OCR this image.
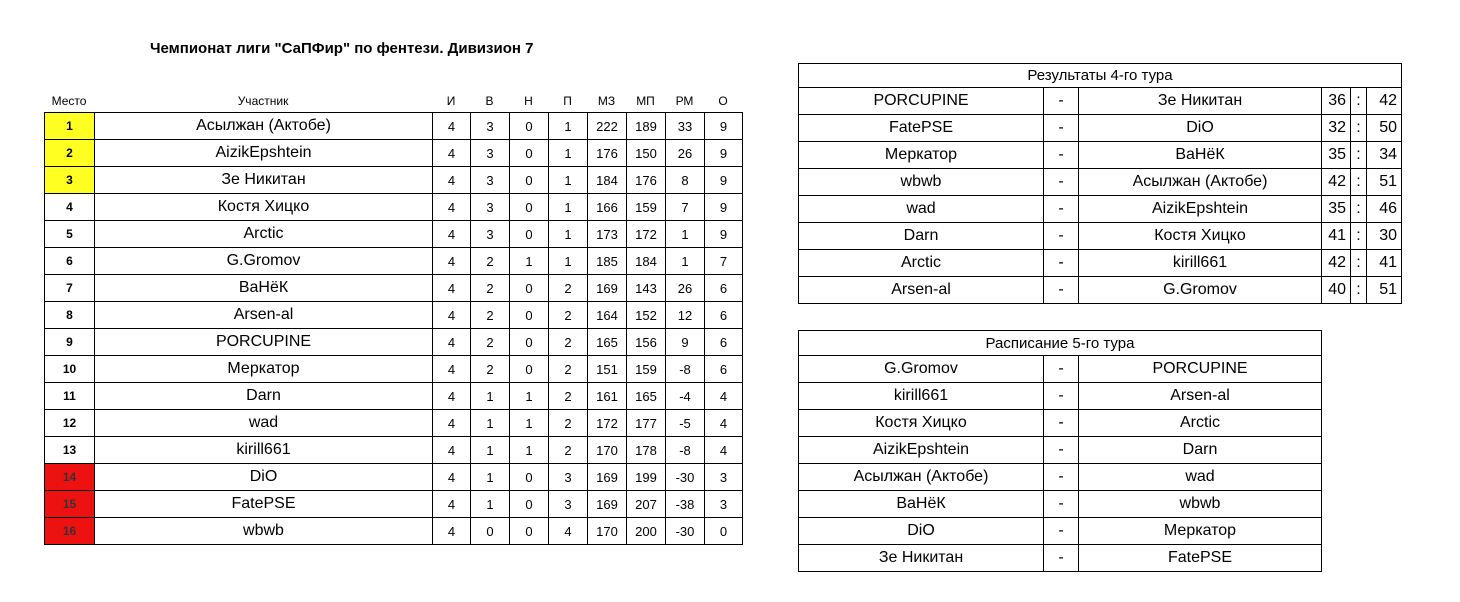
Чемпионат лиги "СаПФир" по фентези. Дивизион 7
Место	Участник	И	В	Н	П	МЗ	МП	РМ	О
1	Асылжан (Актобе)	4	3	0	1	222	189	33	9
2	AizikEpshtein	4	3	0	1	176	150	26	9
3	Зе Никитан	4	3	0	1	184	176	8	9
4	Костя Хицко	4	3	0	1	166	159	7	9
5	Arctic	4	3	0	1	173	172	1	9
6	G.Gromov	4	2	1	1	185	184	1	7
7	ВаНёК	4	2	0	2	169	143	26	6
8	Arsen-al	4	2	0	2	164	152	12	6
9	PORCUPINE	4	2	0	2	165	156	9	6
10	Меркатор	4	2	0	2	151	159	-8	6
11	Darn	4	1	1	2	161	165	-4	4
12	wad	4	1	1	2	172	177	-5	4
13	kirill661	4	1	1	2	170	178	-8	4
14	DiO	4	1	0	3	169	199	-30	3
15	FatePSE	4	1	0	3	169	207	-38	3
16	wbwb	4	0	0	4	170	200	-30	0
Результаты 4-го тура					
PORCUPINE	-	Зе Никитан	36	:	42
FatePSE	-	DiO	32	:	50
Меркатор	-	ВаНёК	35	:	34
wbwb	-	Асылжан (Актобе)	42	:	51
wad	-	AizikEpshtein	35	:	46
Darn	-	Костя Хицко	41	:	30
Arctic	-	kirill661	42	:	41
Arsen-al	-	G.Gromov	40	:	51
Расписание 5-го тура		
G.Gromov	-	PORCUPINE
kirill661	-	Arsen-al
Костя Хицко	-	Arctic
AizikEpshtein	-	Darn
Асылжан (Актобе)	-	wad
ВаНёК	-	wbwb
DiO	-	Меркатор
Зе Никитан	-	FatePSE
